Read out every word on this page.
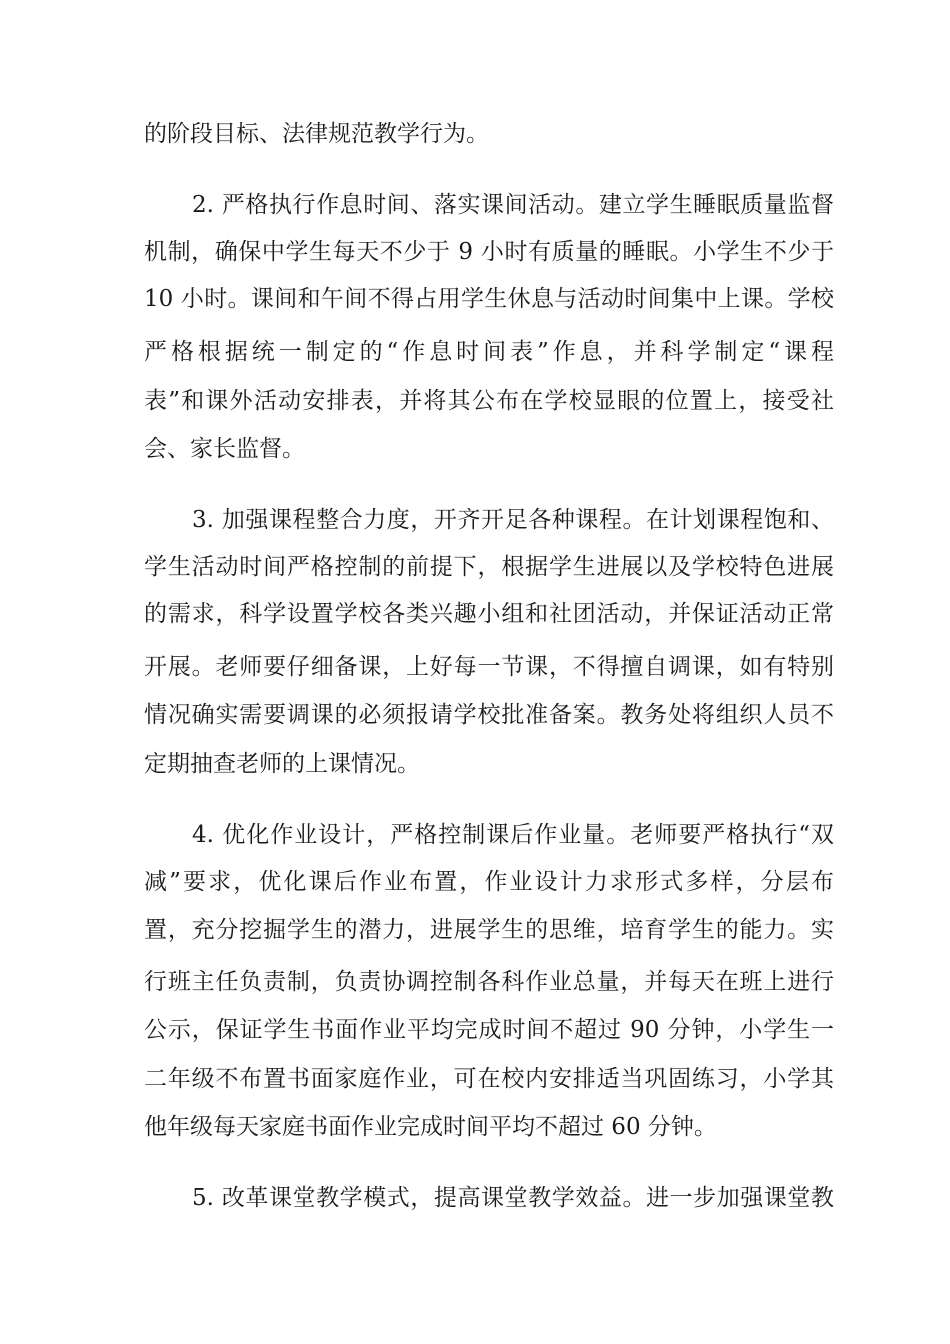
的阶段目标、法律规范教学行为。
2. 严格执行作息时间、落实课间活动。建立学生睡眠质量监督
机制，确保中学生每天不少于 9 小时有质量的睡眠。小学生不少于
10 小时。课间和午间不得占用学生休息与活动时间集中上课。学校
严格根据统一制定的“作息时间表”作息，并科学制定“课程
表”和课外活动安排表，并将其公布在学校显眼的位置上，接受社
会、家长监督。
3. 加强课程整合力度，开齐开足各种课程。在计划课程饱和、
学生活动时间严格控制的前提下，根据学生进展以及学校特色进展
的需求，科学设置学校各类兴趣小组和社团活动，并保证活动正常
开展。老师要仔细备课，上好每一节课，不得擅自调课，如有特别
情况确实需要调课的必须报请学校批准备案。教务处将组织人员不
定期抽查老师的上课情况。
4. 优化作业设计，严格控制课后作业量。老师要严格执行“双
减”要求，优化课后作业布置，作业设计力求形式多样，分层布
置，充分挖掘学生的潜力，进展学生的思维，培育学生的能力。实
行班主任负责制，负责协调控制各科作业总量，并每天在班上进行
公示，保证学生书面作业平均完成时间不超过 90 分钟，小学生一
二年级不布置书面家庭作业，可在校内安排适当巩固练习，小学其
他年级每天家庭书面作业完成时间平均不超过 60 分钟。
5. 改革课堂教学模式，提高课堂教学效益。进一步加强课堂教
